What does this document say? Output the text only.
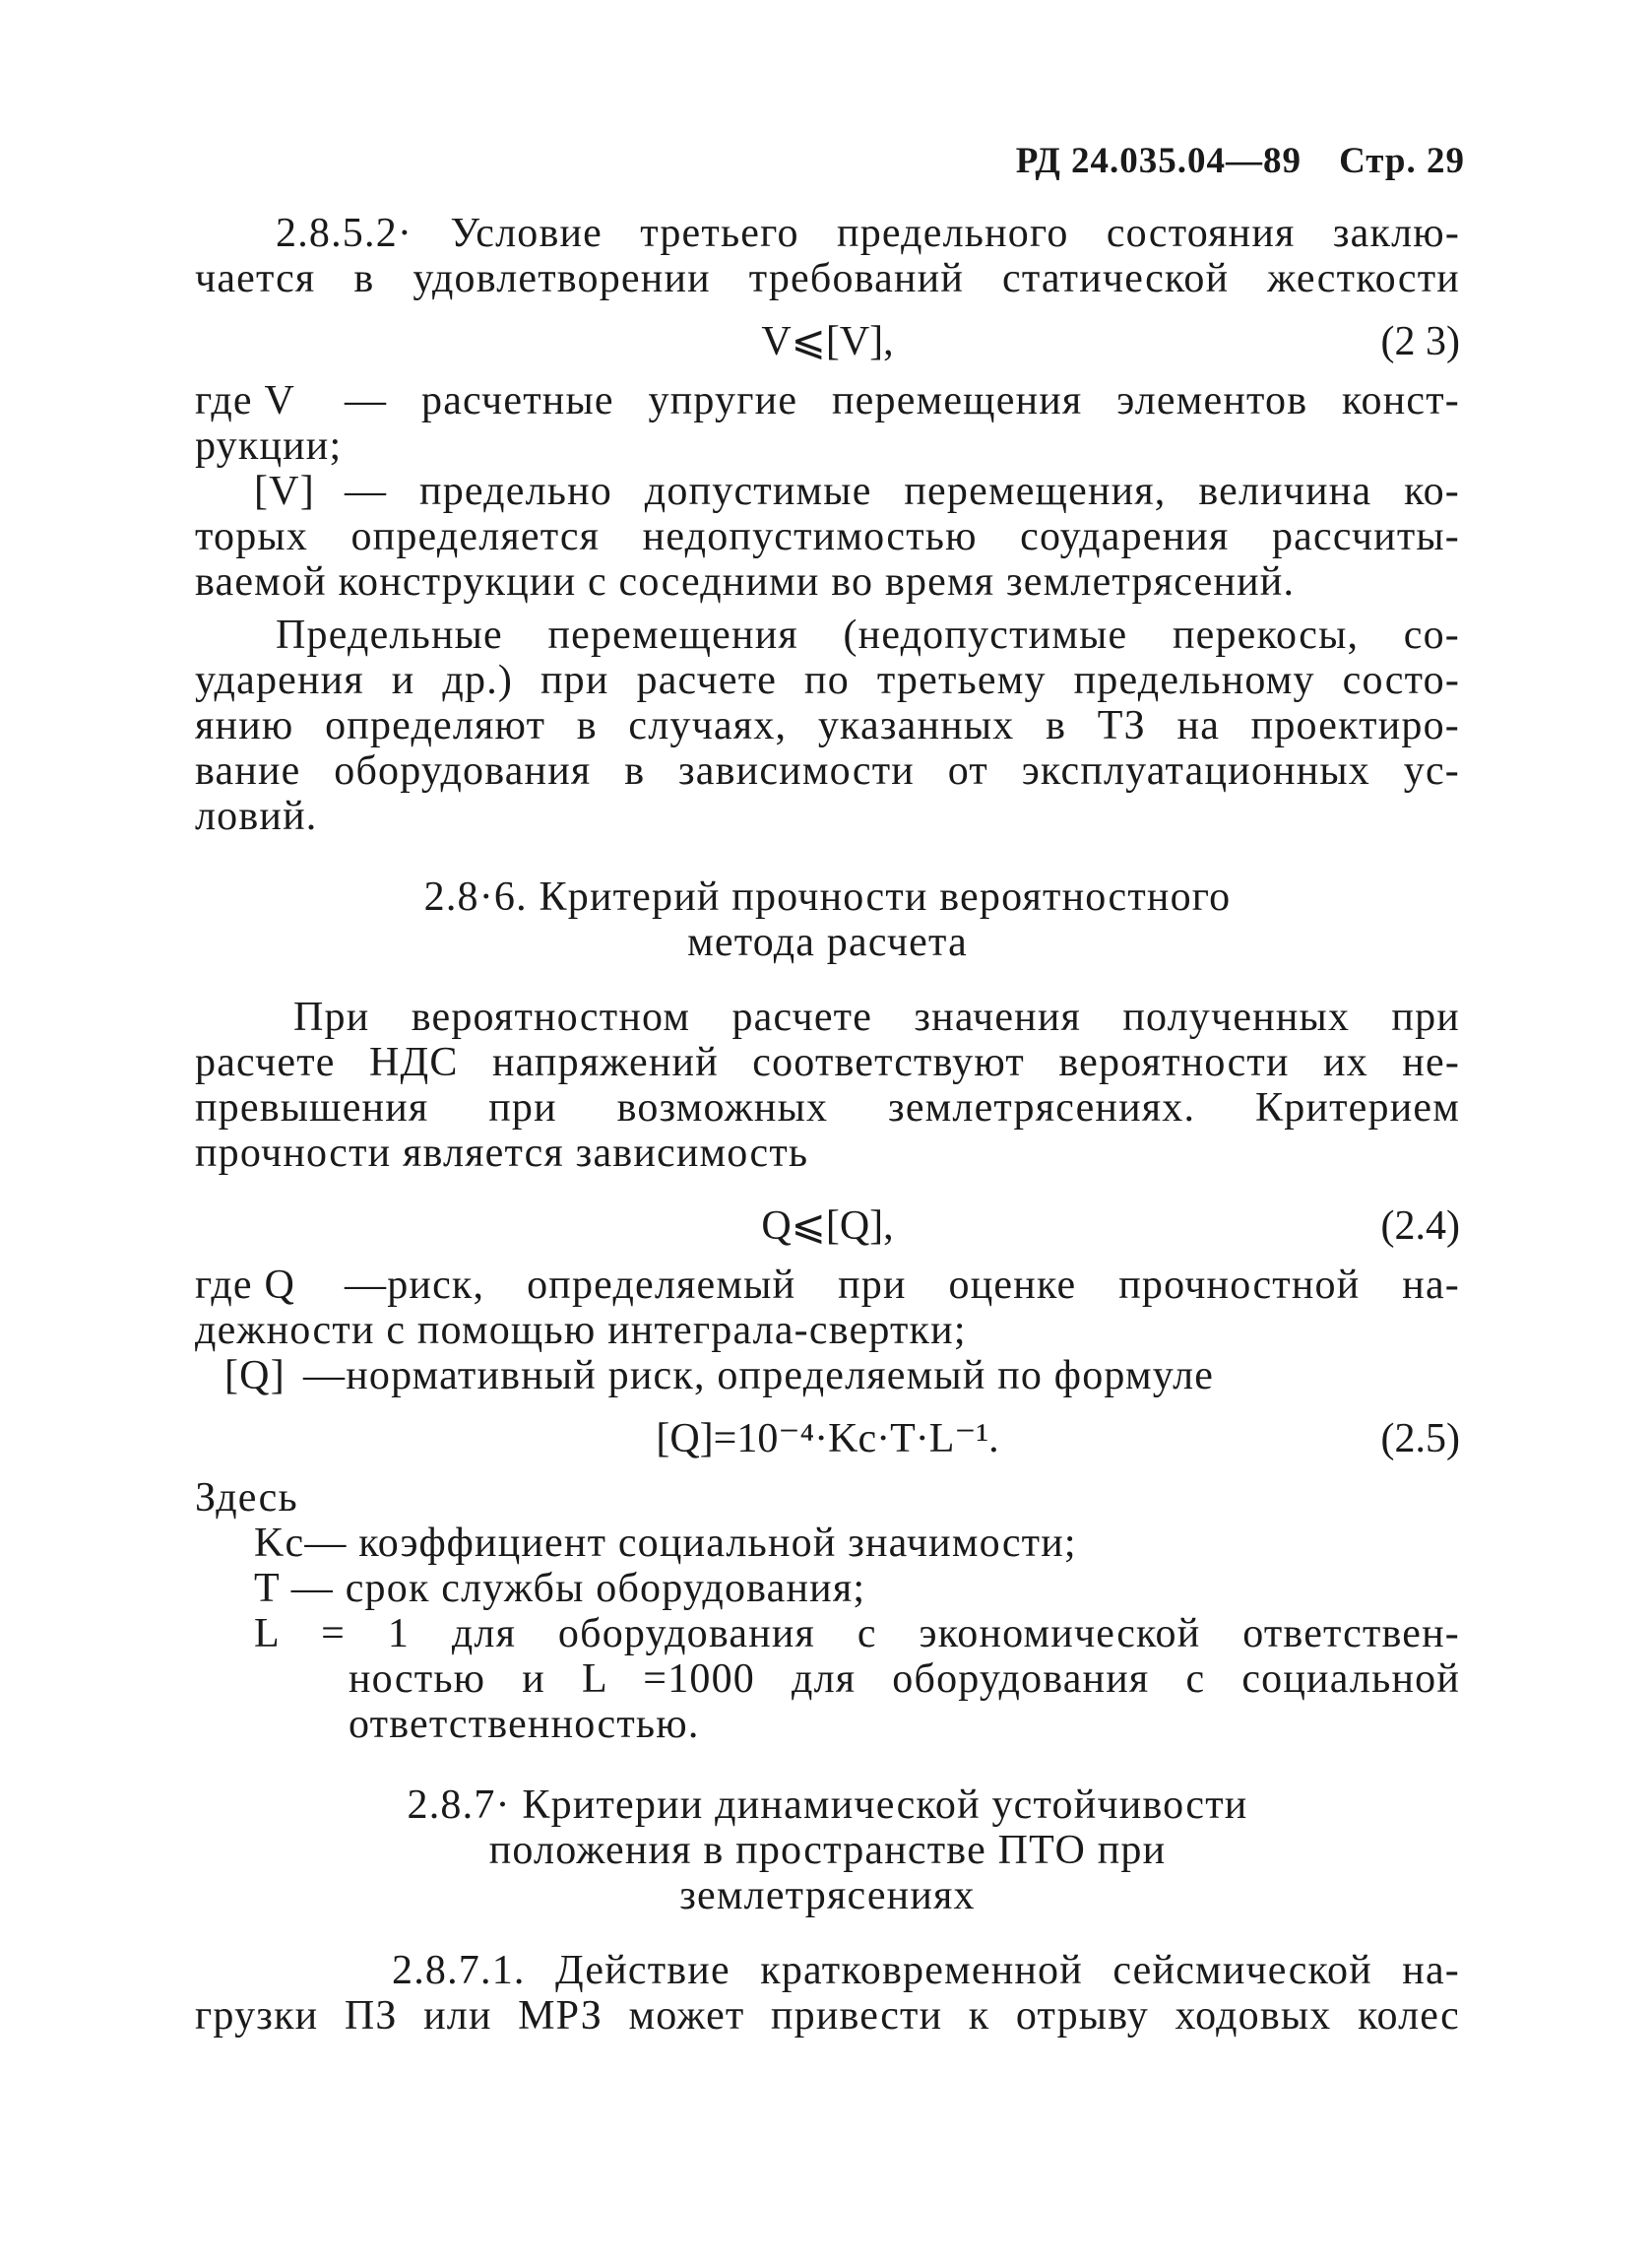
РД 24.035.04—89 Стр. 29
2.8.5.2· Условие третьего предельного состояния заклю-
чается в удовлетворении требований статической жесткости
V⩽[V],	(2 3)
где V	— расчетные упругие перемещения элементов конст-
рукции;
[V] — предельно допустимые перемещения, величина ко-
торых определяется недопустимостью соударения рассчиты-
ваемой конструкции с соседними во время землетрясений.
Предельные перемещения (недопустимые перекосы, со-
ударения и др.) при расчете по третьему предельному состо-
янию определяют в случаях, указанных в ТЗ на проектиро-
вание оборудования в зависимости от эксплуатационных ус-
ловий.
2.8·6. Критерий прочности вероятностного
метода расчета
При вероятностном расчете значения полученных при
расчете НДС напряжений соответствуют вероятности их не-
превышения при возможных землетрясениях. Критерием
прочности является зависимость
Q⩽[Q],	(2.4)
где Q	—риск, определяемый при оценке прочностной на-
дежности с помощью интеграла-свертки;
[Q] —нормативный риск, определяемый по формуле
[Q]=10⁻⁴·Kc·T·L⁻¹.	(2.5)
Здесь
Kc— коэффициент социальной значимости;
T — срок службы оборудования;
L = 1 для оборудования с экономической ответствен-
ностью и L =1000 для оборудования с социальной
ответственностью.
2.8.7· Критерии динамической устойчивости
положения в пространстве ПТО при
землетрясениях
2.8.7.1. Действие кратковременной сейсмической на-
грузки ПЗ или МРЗ может привести к отрыву ходовых колес
